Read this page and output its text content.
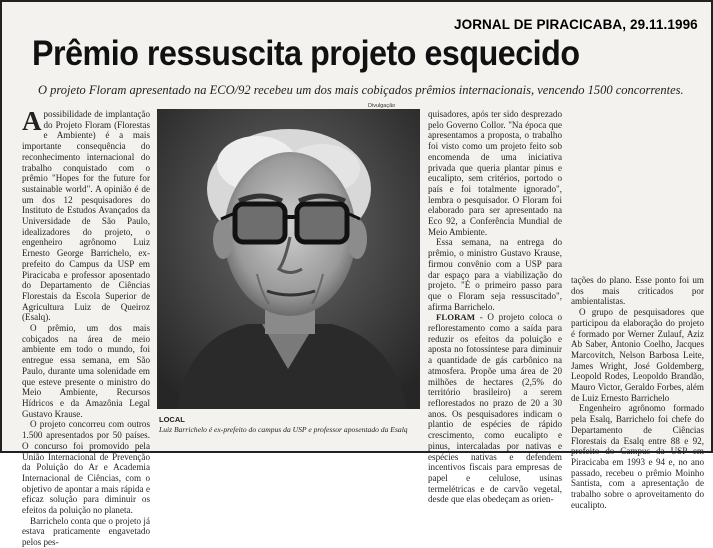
JORNAL DE PIRACICABA, 29.11.1996
Prêmio ressuscita projeto esquecido
O projeto Floram apresentado na ECO/92 recebeu um dos mais cobiçados prêmios internacionais, vencendo 1500 concorrentes.

Apossibilidade de implantação do Projeto Floram (Florestas e Ambiente) é a mais importante consequência do reconhecimento internacional do trabalho conquistado com o prêmio "Hopes for the future for sustainable world". A opinião é de um dos 12 pesquisadores do Instituto de Estudos Avançados da Universidade de São Paulo, idealizadores do projeto, o engenheiro agrônomo Luiz Ernesto George Barrichelo, ex-prefeito do Campus da USP em Piracicaba e professor aposentado do Departamento de Ciências Florestais da Escola Superior de Agricultura Luiz de Queiroz (Esalq).

O prêmio, um dos mais cobiçados na área de meio ambiente em todo o mundo, foi entregue essa semana, em São Paulo, durante uma solenidade em que esteve presente o ministro do Meio Ambiente, Recursos Hídricos e da Amazônia Legal Gustavo Krause.

O projeto concorreu com outros 1.500 apresentados por 50 países. O concurso foi promovido pela União Internacional de Prevenção da Poluição do Ar e Academia Internacional de Ciências, com o objetivo de apontar a mais rápida e eficaz solução para diminuir os efeitos da poluição no planeta.

Barrichelo conta que o projeto já estava praticamente engavetado pelos pes-

Divulgação
LOCAL
Luiz Barrichelo é ex-prefeito do campus da USP e professor aposentado da Esalq

quisadores, após ter sido desprezado pelo Governo Collor. "Na época que apresentamos a proposta, o trabalho foi visto como um projeto feito sob encomenda de uma iniciativa privada que queria plantar pinus e eucalipto, sem critérios, portodo o país e foi totalmente ignorado", lembra o pesquisador. O Floram foi elaborado para ser apresentado na Eco 92, a Conferência Mundial de Meio Ambiente.

Essa semana, na entrega do prêmio, o ministro Gustavo Krause, firmou convênio com a USP para dar espaço para a viabilização do projeto. "É o primeiro passo para que o Floram seja ressuscitado", afirma Barrichelo.

FLORAM - O projeto coloca o reflorestamento como a saída para reduzir os efeitos da poluição e aposta no fotossíntese para diminuir a quantidade de gás carbônico na atmosfera. Propõe uma área de 20 milhões de hectares (2,5% do território brasileiro) a serem reflorestados no prazo de 20 a 30 anos. Os pesquisadores indicam o plantio de espécies de rápido crescimento, como eucalipto e pinus, intercaladas por nativas e espécies nativas e defendem incentivos fiscais para empresas de papel e celulose, usinas termelétricas e de carvão vegetal, desde que elas obedeçam as orien-

tações do plano. Esse ponto foi um dos mais criticados por ambientalistas.

O grupo de pesquisadores que participou da elaboração do projeto é formado por Werner Zulauf, Aziz Ab Saber, Antonio Coelho, Jacques Marcovitch, Nelson Barbosa Leite, James Wright, José Goldemberg, Leopold Rodes, Leopoldo Brandão, Mauro Victor, Geraldo Forbes, além de Luiz Ernesto Barrichelo

Engenheiro agrônomo formado pela Esalq, Barrichelo foi chefe do Departamento de Ciências Florestais da Esalq entre 88 e 92, prefeito do Campus da USP em Piracicaba em 1993 e 94 e, no ano passado, recebeu o prêmio Moinho Santista, com a apresentação de trabalho sobre o aproveitamento do eucalipto.
